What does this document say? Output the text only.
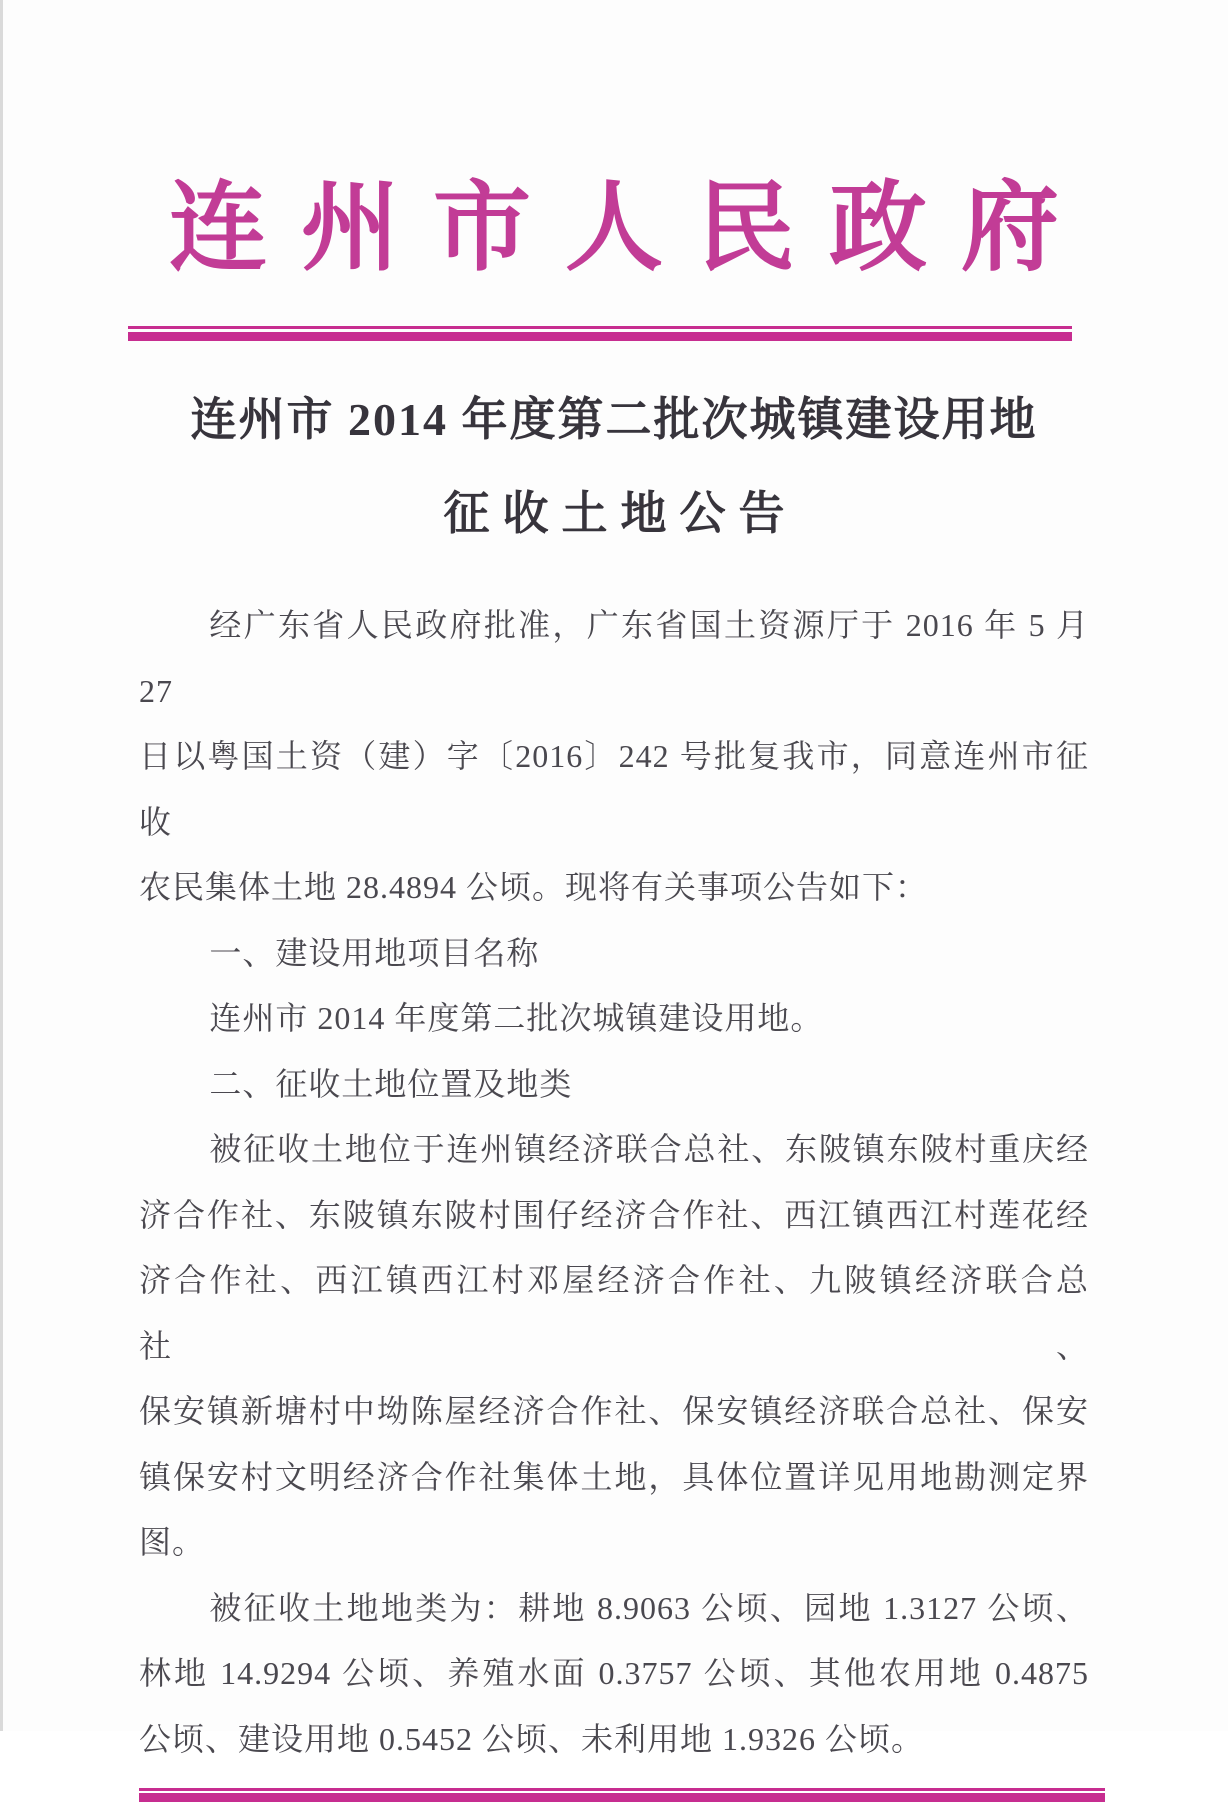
连州市人民政府
连州市 2014 年度第二批次城镇建设用地
征收土地公告
经广东省人民政府批准，广东省国土资源厅于 2016 年 5 月 27
日以粤国土资（建）字〔2016〕242 号批复我市，同意连州市征收
农民集体土地 28.4894 公顷。现将有关事项公告如下：
一、建设用地项目名称
连州市 2014 年度第二批次城镇建设用地。
二、征收土地位置及地类
被征收土地位于连州镇经济联合总社、东陂镇东陂村重庆经
济合作社、东陂镇东陂村围仔经济合作社、西江镇西江村莲花经
济合作社、西江镇西江村邓屋经济合作社、九陂镇经济联合总社、
保安镇新塘村中坳陈屋经济合作社、保安镇经济联合总社、保安
镇保安村文明经济合作社集体土地，具体位置详见用地勘测定界
图。
被征收土地地类为：耕地 8.9063 公顷、园地 1.3127 公顷、
林地 14.9294 公顷、养殖水面 0.3757 公顷、其他农用地 0.4875
公顷、建设用地 0.5452 公顷、未利用地 1.9326 公顷。
